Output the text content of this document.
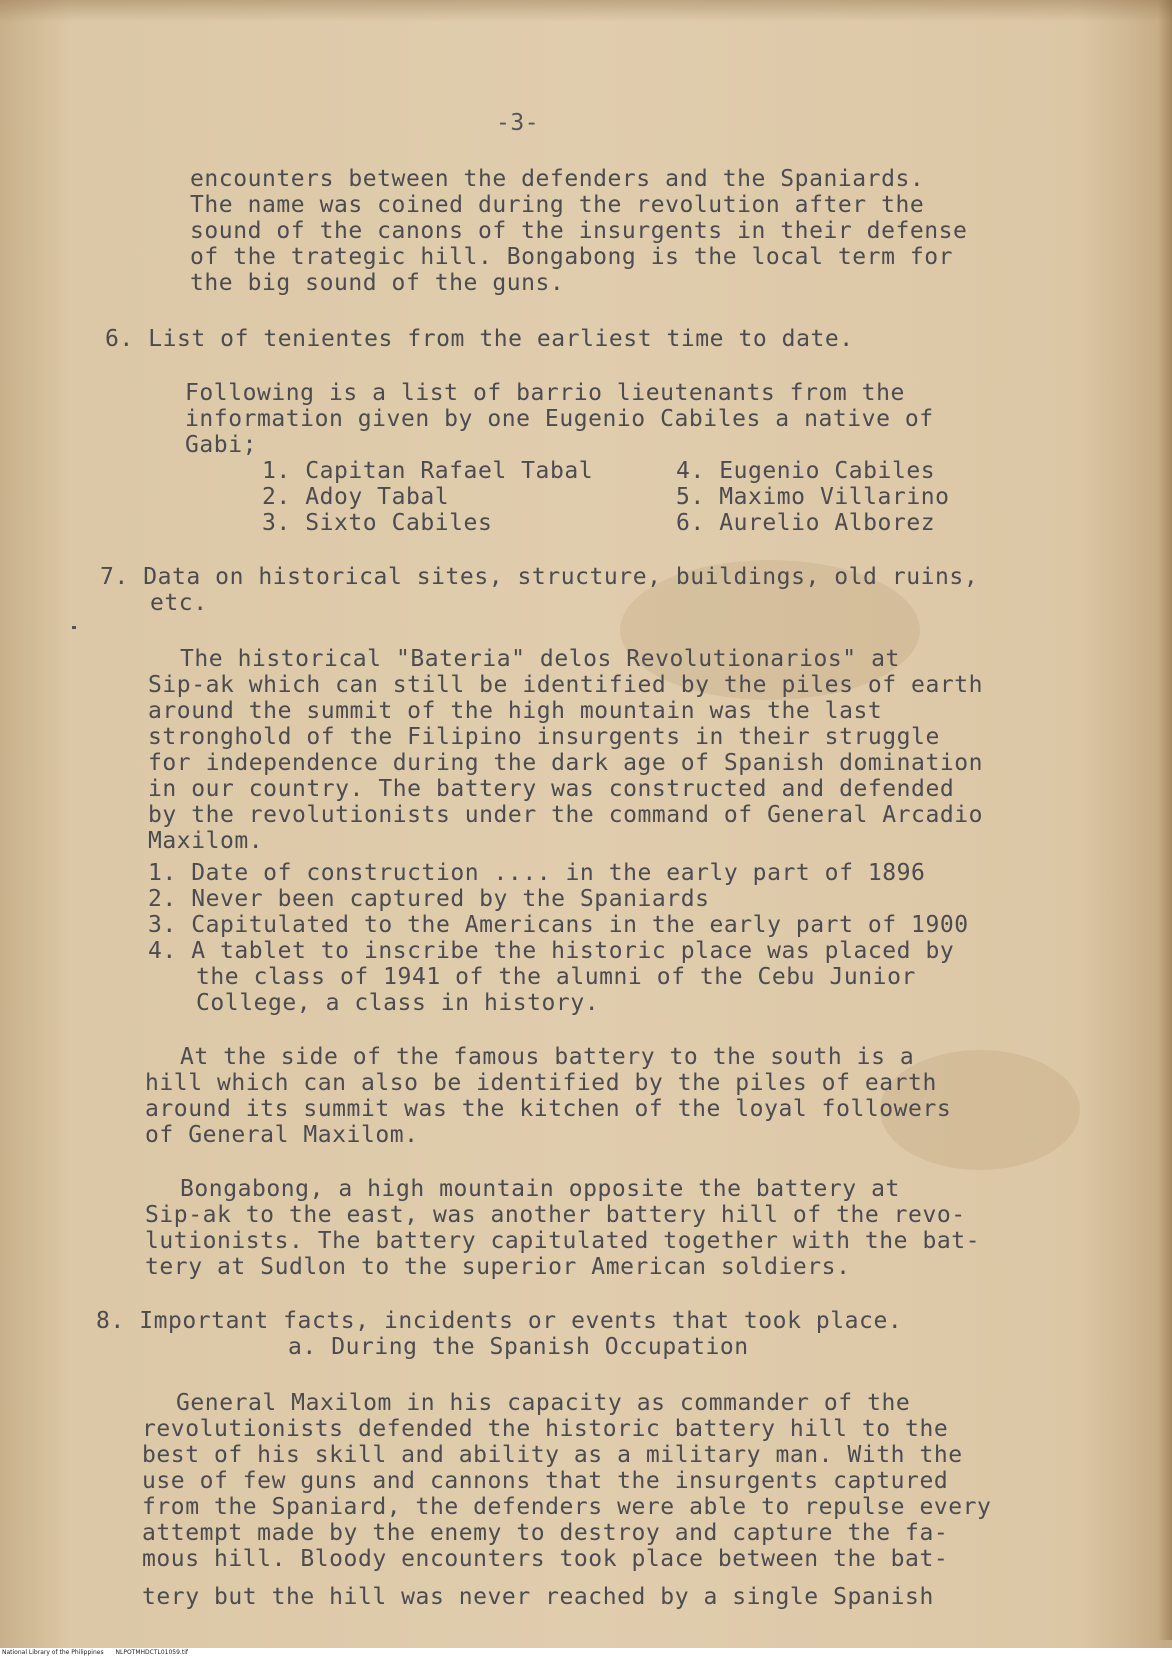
-3-
encounters between the defenders and the Spaniards.
The name was coined during the revolution after the
sound of the canons of the insurgents in their defense
of the trategic hill. Bongabong is the local term for
the big sound of the guns.
6. List of tenientes from the earliest time to date.
Following is a list of barrio lieutenants from the
information given by one Eugenio Cabiles a native of
Gabi;
1. Capitan Rafael Tabal
2. Adoy Tabal
3. Sixto Cabiles
4. Eugenio Cabiles
5. Maximo Villarino
6. Aurelio Alborez
7. Data on historical sites, structure, buildings, old ruins,
etc.
The historical "Bateria" delos Revolutionarios" at
Sip-ak which can still be identified by the piles of earth
around the summit of the high mountain was the last
stronghold of the Filipino insurgents in their struggle
for independence during the dark age of Spanish domination
in our country. The battery was constructed and defended
by the revolutionists under the command of General Arcadio
Maxilom.
1. Date of construction .... in the early part of 1896
2. Never been captured by the Spaniards
3. Capitulated to the Americans in the early part of 1900
4. A tablet to inscribe the historic place was placed by
the class of 1941 of the alumni of the Cebu Junior
College, a class in history.
At the side of the famous battery to the south is a
hill which can also be identified by the piles of earth
around its summit was the kitchen of the loyal followers
of General Maxilom.
Bongabong, a high mountain opposite the battery at
Sip-ak to the east, was another battery hill of the revo-
lutionists. The battery capitulated together with the bat-
tery at Sudlon to the superior American soldiers.
8. Important facts, incidents or events that took place.
a. During the Spanish Occupation
General Maxilom in his capacity as commander of the
revolutionists defended the historic battery hill to the
best of his skill and ability as a military man. With the
use of few guns and cannons that the insurgents captured
from the Spaniard, the defenders were able to repulse every
attempt made by the enemy to destroy and capture the fa-
mous hill. Bloody encounters took place between the bat-
tery but the hill was never reached by a single Spanish
National Library of the Philippines NLPOTMHDCTL01059.tif
